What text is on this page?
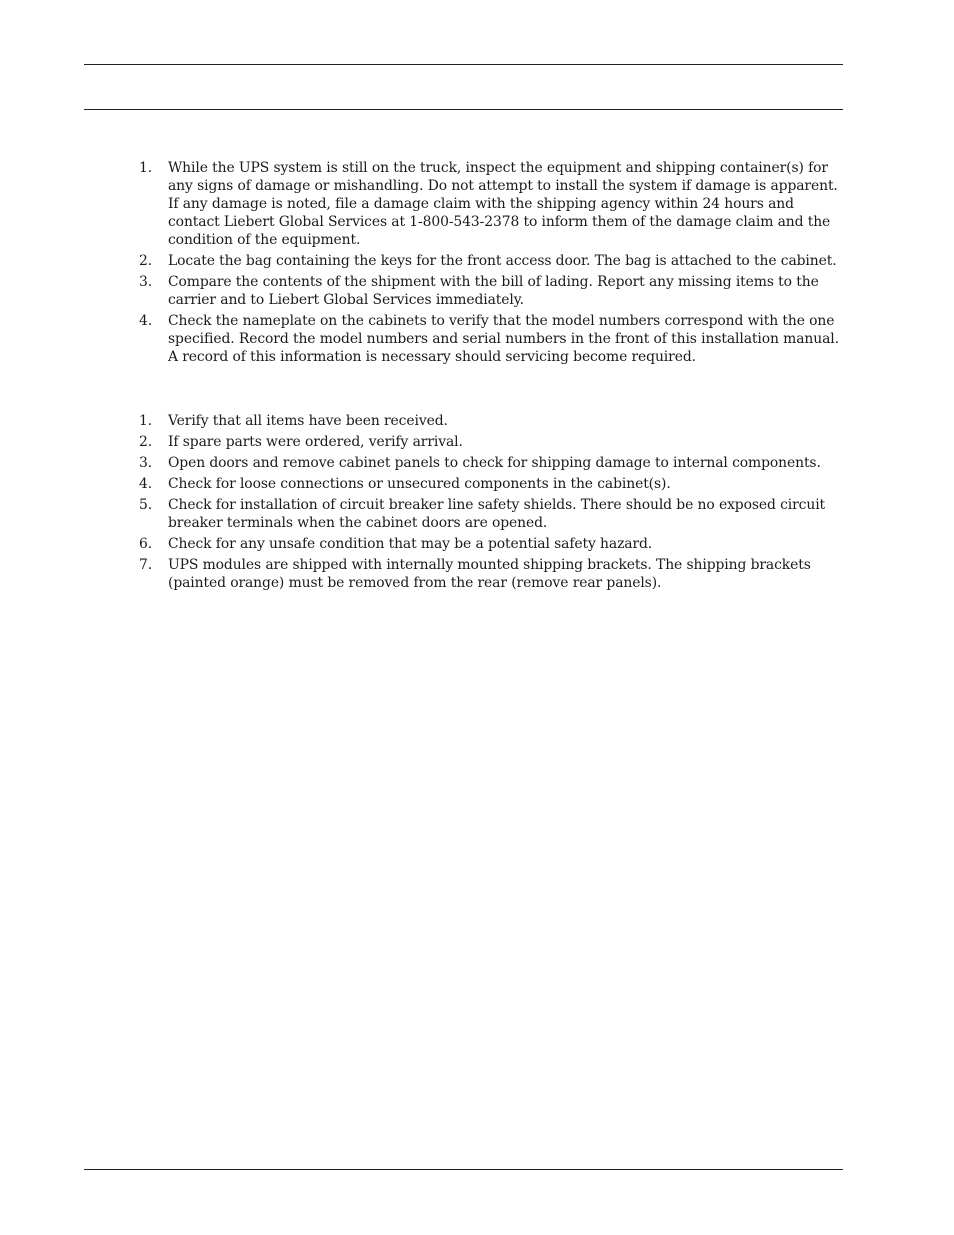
1. While the UPS system is still on the truck, inspect the equipment and shipping container(s) for any signs of damage or mishandling. Do not attempt to install the system if damage is apparent. If any damage is noted, file a damage claim with the shipping agency within 24 hours and contact Liebert Global Services at 1-800-543-2378 to inform them of the damage claim and the condition of the equipment.
2. Locate the bag containing the keys for the front access door. The bag is attached to the cabinet.
3. Compare the contents of the shipment with the bill of lading. Report any missing items to the carrier and to Liebert Global Services immediately.
4. Check the nameplate on the cabinets to verify that the model numbers correspond with the one specified. Record the model numbers and serial numbers in the front of this installation manual. A record of this information is necessary should servicing become required.
1. Verify that all items have been received.
2. If spare parts were ordered, verify arrival.
3. Open doors and remove cabinet panels to check for shipping damage to internal components.
4. Check for loose connections or unsecured components in the cabinet(s).
5. Check for installation of circuit breaker line safety shields. There should be no exposed circuit breaker terminals when the cabinet doors are opened.
6. Check for any unsafe condition that may be a potential safety hazard.
7. UPS modules are shipped with internally mounted shipping brackets. The shipping brackets (painted orange) must be removed from the rear (remove rear panels).
